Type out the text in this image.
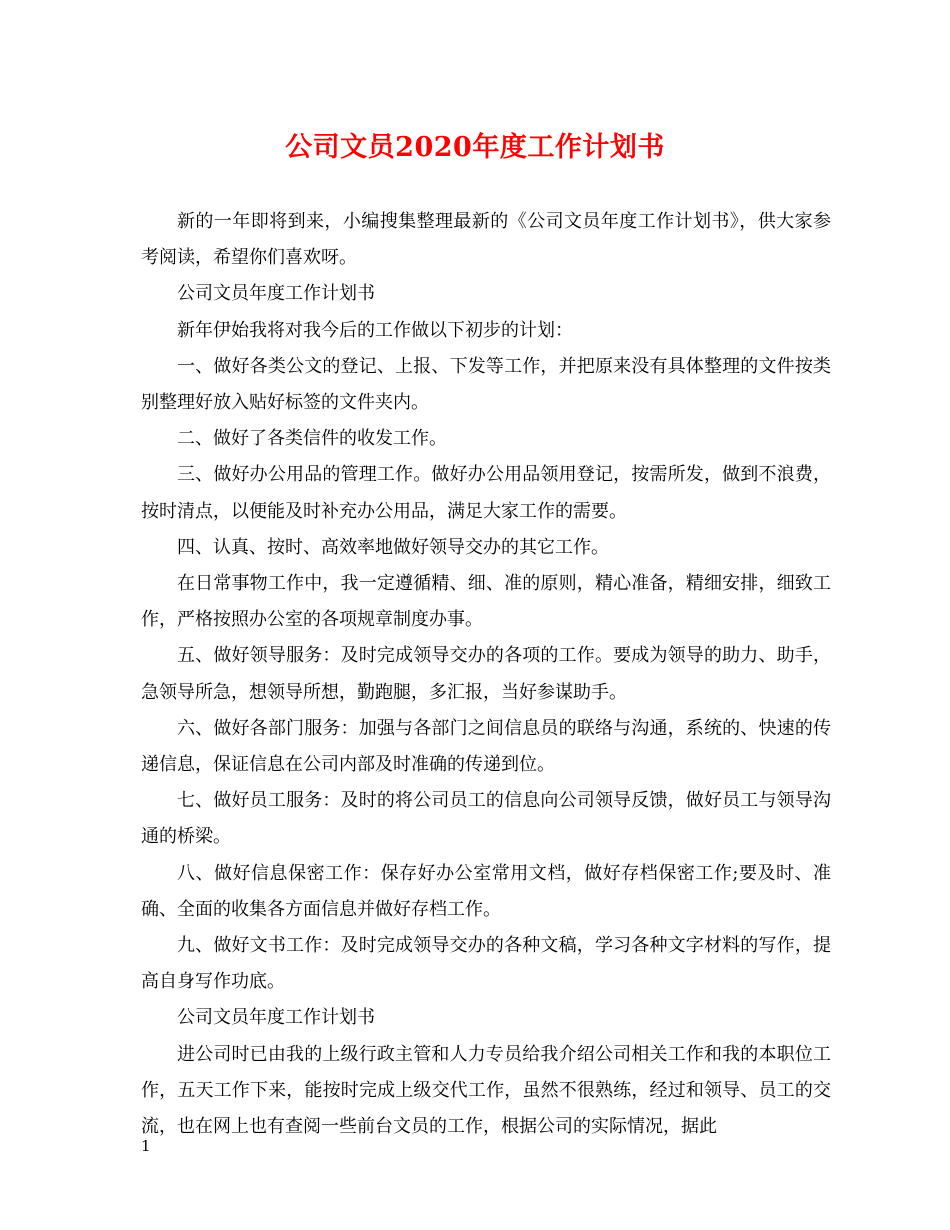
公司文员2020年度工作计划书

新的一年即将到来，小编搜集整理最新的《公司文员年度工作计划书》，供大家参考阅读，希望你们喜欢呀。

公司文员年度工作计划书

新年伊始我将对我今后的工作做以下初步的计划：

一、做好各类公文的登记、上报、下发等工作，并把原来没有具体整理的文件按类别整理好放入贴好标签的文件夹内。

二、做好了各类信件的收发工作。

三、做好办公用品的管理工作。做好办公用品领用登记，按需所发，做到不浪费，按时清点，以便能及时补充办公用品，满足大家工作的需要。

四、认真、按时、高效率地做好领导交办的其它工作。

在日常事物工作中，我一定遵循精、细、准的原则，精心准备，精细安排，细致工作，严格按照办公室的各项规章制度办事。

五、做好领导服务：及时完成领导交办的各项的工作。要成为领导的助力、助手，急领导所急，想领导所想，勤跑腿，多汇报，当好参谋助手。

六、做好各部门服务：加强与各部门之间信息员的联络与沟通，系统的、快速的传递信息，保证信息在公司内部及时准确的传递到位。

七、做好员工服务：及时的将公司员工的信息向公司领导反馈，做好员工与领导沟通的桥梁。

八、做好信息保密工作：保存好办公室常用文档，做好存档保密工作;要及时、准确、全面的收集各方面信息并做好存档工作。

九、做好文书工作：及时完成领导交办的各种文稿，学习各种文字材料的写作，提高自身写作功底。

公司文员年度工作计划书

进公司时已由我的上级行政主管和人力专员给我介绍公司相关工作和我的本职位工作，五天工作下来，能按时完成上级交代工作，虽然不很熟练，经过和领导、员工的交流，也在网上也有查阅一些前台文员的工作，根据公司的实际情况，据此

1
